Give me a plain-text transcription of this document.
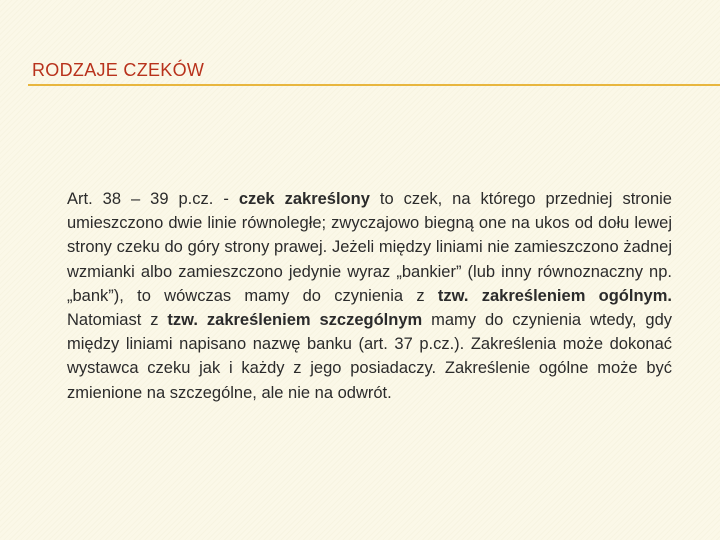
RODZAJE CZEKÓW
Art. 38 – 39 p.cz. - czek zakreślony to czek, na którego przedniej stronie umieszczono dwie linie równoległe; zwyczajowo biegną one na ukos od dołu lewej strony czeku do góry strony prawej. Jeżeli między liniami nie zamieszczono żadnej wzmianki albo zamieszczono jedynie wyraz „bankier” (lub inny równoznaczny np. „bank”), to wówczas mamy do czynienia z tzw. zakreśleniem ogólnym. Natomiast z tzw. zakreśleniem szczególnym mamy do czynienia wtedy, gdy między liniami napisano nazwę banku (art. 37 p.cz.). Zakreślenia może dokonać wystawca czeku jak i każdy z jego posiadaczy. Zakreślenie ogólne może być zmienione na szczególne, ale nie na odwrót.
